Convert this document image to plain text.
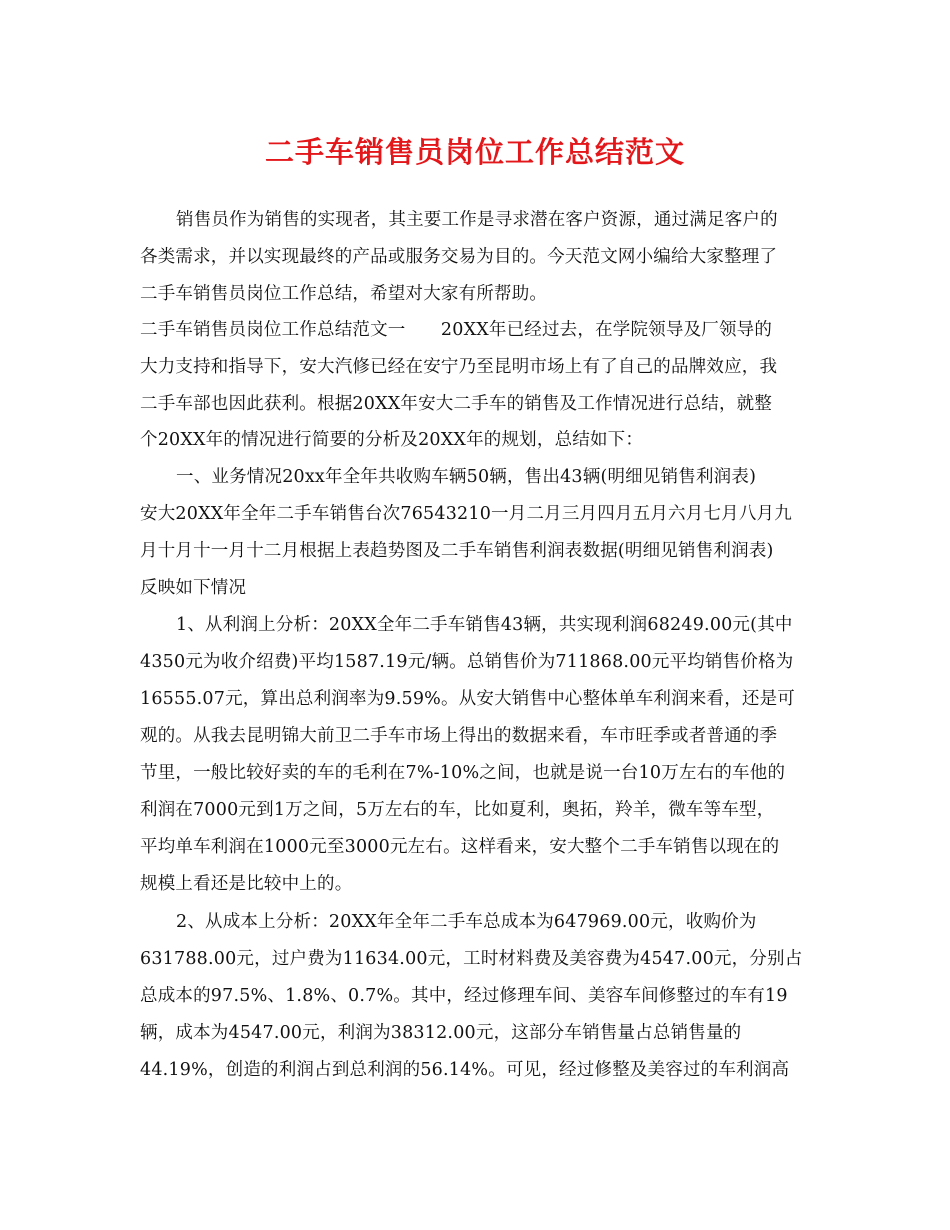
二手车销售员岗位工作总结范文
销售员作为销售的实现者，其主要工作是寻求潜在客户资源，通过满足客户的
各类需求，并以实现最终的产品或服务交易为目的。今天范文网小编给大家整理了
二手车销售员岗位工作总结，希望对大家有所帮助。
二手车销售员岗位工作总结范文一　　20XX年已经过去，在学院领导及厂领导的
大力支持和指导下，安大汽修已经在安宁乃至昆明市场上有了自己的品牌效应，我
二手车部也因此获利。根据20XX年安大二手车的销售及工作情况进行总结，就整
个20XX年的情况进行简要的分析及20XX年的规划，总结如下：
一、业务情况20xx年全年共收购车辆50辆，售出43辆(明细见销售利润表)
安大20XX年全年二手车销售台次76543210一月二月三月四月五月六月七月八月九
月十月十一月十二月根据上表趋势图及二手车销售利润表数据(明细见销售利润表)
反映如下情况
1、从利润上分析：20XX全年二手车销售43辆，共实现利润68249.00元(其中
4350元为收介绍费)平均1587.19元/辆。总销售价为711868.00元平均销售价格为
16555.07元，算出总利润率为9.59%。从安大销售中心整体单车利润来看，还是可
观的。从我去昆明锦大前卫二手车市场上得出的数据来看，车市旺季或者普通的季
节里，一般比较好卖的车的毛利在7%-10%之间，也就是说一台10万左右的车他的
利润在7000元到1万之间，5万左右的车，比如夏利，奥拓，羚羊，微车等车型，
平均单车利润在1000元至3000元左右。这样看来，安大整个二手车销售以现在的
规模上看还是比较中上的。
2、从成本上分析：20XX年全年二手车总成本为647969.00元，收购价为
631788.00元，过户费为11634.00元，工时材料费及美容费为4547.00元，分别占
总成本的97.5%、1.8%、0.7%。其中，经过修理车间、美容车间修整过的车有19
辆，成本为4547.00元，利润为38312.00元，这部分车销售量占总销售量的
44.19%，创造的利润占到总利润的56.14%。可见，经过修整及美容过的车利润高
